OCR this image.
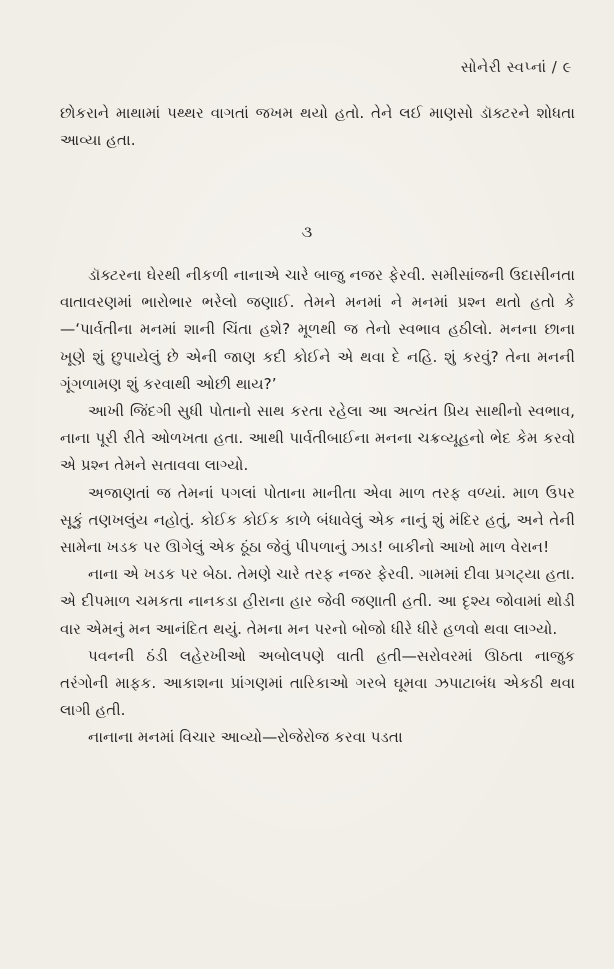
સોનેરી સ્વપ્નાં / ૯

છોકરાને માથામાં પથ્થર વાગતાં જખમ થયો હતો. તેને લઈ માણસો ડૉક્ટરને શોધતા આવ્યા હતા.

૩

ડૉક્ટરના ઘેરથી નીકળી નાનાએ ચારે બાજુ નજર ફેરવી. સમીસાંજની ઉદાસીનતા વાતાવરણમાં ભારોભાર ભરેલો જણાઈ. તેમને મનમાં ને મનમાં પ્રશ્ન થતો હતો કે—‘પાર્વતીના મનમાં શાની ચિંતા હશે? મૂળથી જ તેનો સ્વભાવ હઠીલો. મનના છાના ખૂણે શું છુપાયેલું છે એની જાણ કદી કોઈને એ થવા દે નહિ. શું કરવું? તેના મનની ગૂંગળામણ શું કરવાથી ઓછી થાય?’

આખી જિંદગી સુધી પોતાનો સાથ કરતા રહેલા આ અત્યંત પ્રિય સાથીનો સ્વભાવ, નાના પૂરી રીતે ઓળખતા હતા. આથી પાર્વતીબાઈના મનના ચક્રવ્યૂહનો ભેદ કેમ કરવો એ પ્રશ્ન તેમને સતાવવા લાગ્યો.

અજાણતાં જ તેમનાં પગલાં પોતાના માનીતા એવા માળ તરફ વળ્યાં. માળ ઉપર સૂકું તણખલુંય નહોતું. કોઈક કોઈક કાળે બંધાવેલું એક નાનું શું મંદિર હતું, અને તેની સામેના ખડક પર ઊગેલું એક ઠૂંઠા જેવું પીપળાનું ઝાડ! બાકીનો આખો માળ વેરાન!

નાના એ ખડક પર બેઠા. તેમણે ચારે તરફ નજર ફેરવી. ગામમાં દીવા પ્રગટ્યા હતા. એ દીપમાળ ચમકતા નાનકડા હીરાના હાર જેવી જણાતી હતી. આ દૃશ્ય જોવામાં થોડી વાર એમનું મન આનંદિત થયું. તેમના મન પરનો બોજો ધીરે ધીરે હળવો થવા લાગ્યો.

પવનની ઠંડી લહેરખીઓ અબોલપણે વાતી હતી—સરોવરમાં ઊઠતા નાજુક તરંગોની માફક. આકાશના પ્રાંગણમાં તારિકાઓ ગરબે ઘૂમવા ઝપાટાબંધ એકઠી થવા લાગી હતી.

નાનાના મનમાં વિચાર આવ્યો—રોજેરોજ કરવા પડતા
